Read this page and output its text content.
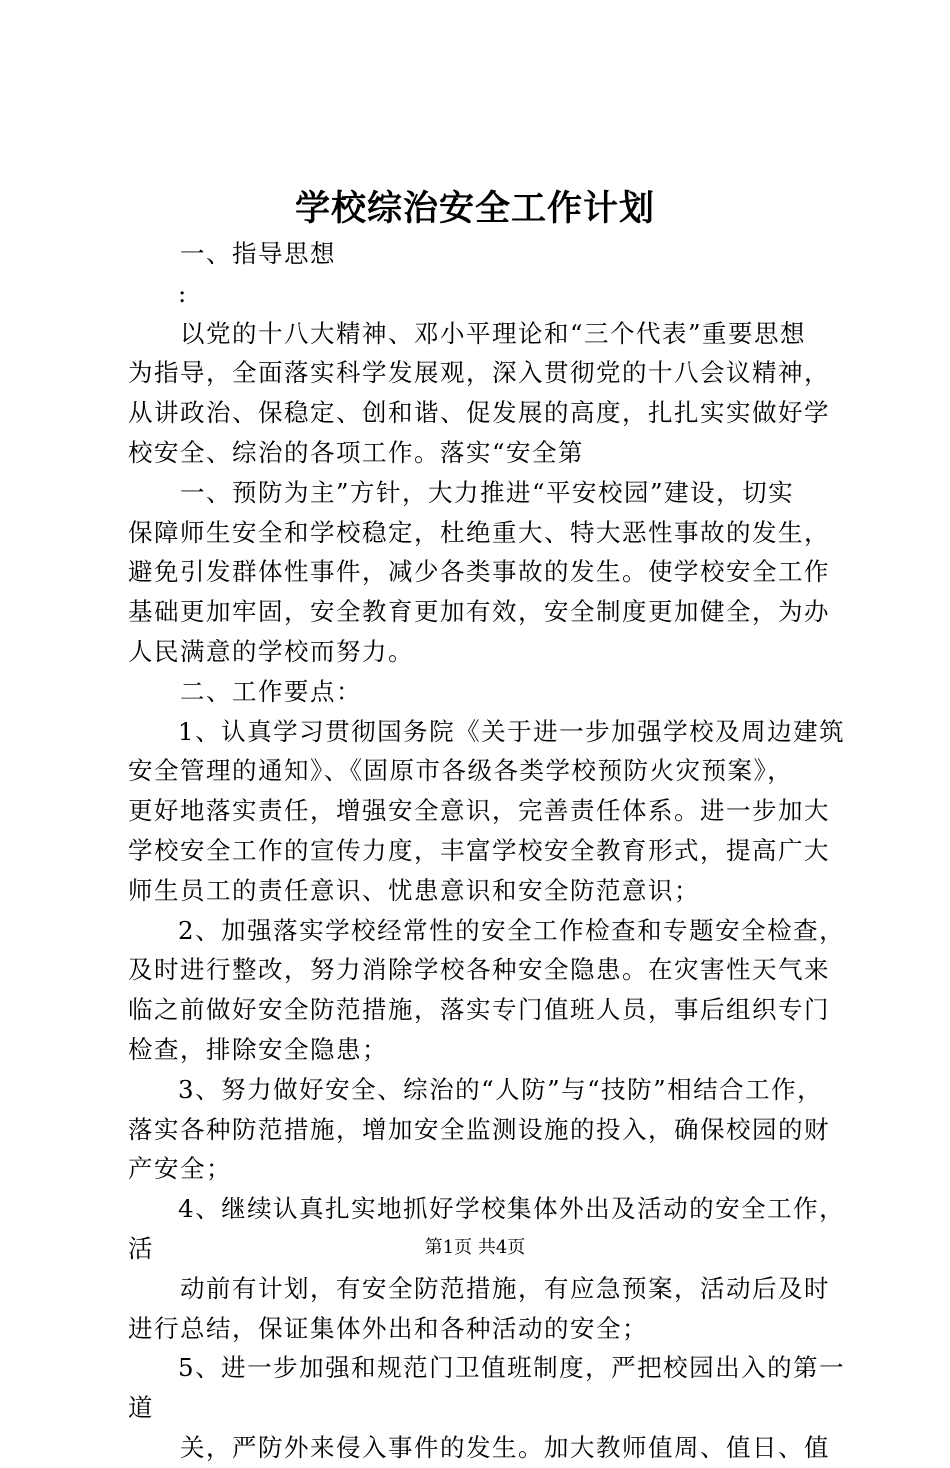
学校综治安全工作计划
一、指导思想
:
以党的十八大精神、邓小平理论和“三个代表”重要思想
为指导，全面落实科学发展观，深入贯彻党的十八会议精神，
从讲政治、保稳定、创和谐、促发展的高度，扎扎实实做好学
校安全、综治的各项工作。落实“安全第
一、预防为主”方针，大力推进“平安校园”建设，切实
保障师生安全和学校稳定，杜绝重大、特大恶性事故的发生，
避免引发群体性事件，减少各类事故的发生。使学校安全工作
基础更加牢固，安全教育更加有效，安全制度更加健全，为办
人民满意的学校而努力。
二、工作要点：
1、认真学习贯彻国务院《关于进一步加强学校及周边建筑
安全管理的通知》、《固原市各级各类学校预防火灾预案》，
更好地落实责任，增强安全意识，完善责任体系。进一步加大
学校安全工作的宣传力度，丰富学校安全教育形式，提高广大
师生员工的责任意识、忧患意识和安全防范意识；
2、加强落实学校经常性的安全工作检查和专题安全检查，
及时进行整改，努力消除学校各种安全隐患。在灾害性天气来
临之前做好安全防范措施，落实专门值班人员，事后组织专门
检查，排除安全隐患；
3、努力做好安全、综治的“人防”与“技防”相结合工作，
落实各种防范措施，增加安全监测设施的投入，确保校园的财
产安全；
4、继续认真扎实地抓好学校集体外出及活动的安全工作，
活
动前有计划，有安全防范措施，有应急预案，活动后及时
进行总结，保证集体外出和各种活动的安全；
5、进一步加强和规范门卫值班制度，严把校园出入的第一
道
关，严防外来侵入事件的发生。加大教师值周、值日、值
第1页 共4页
